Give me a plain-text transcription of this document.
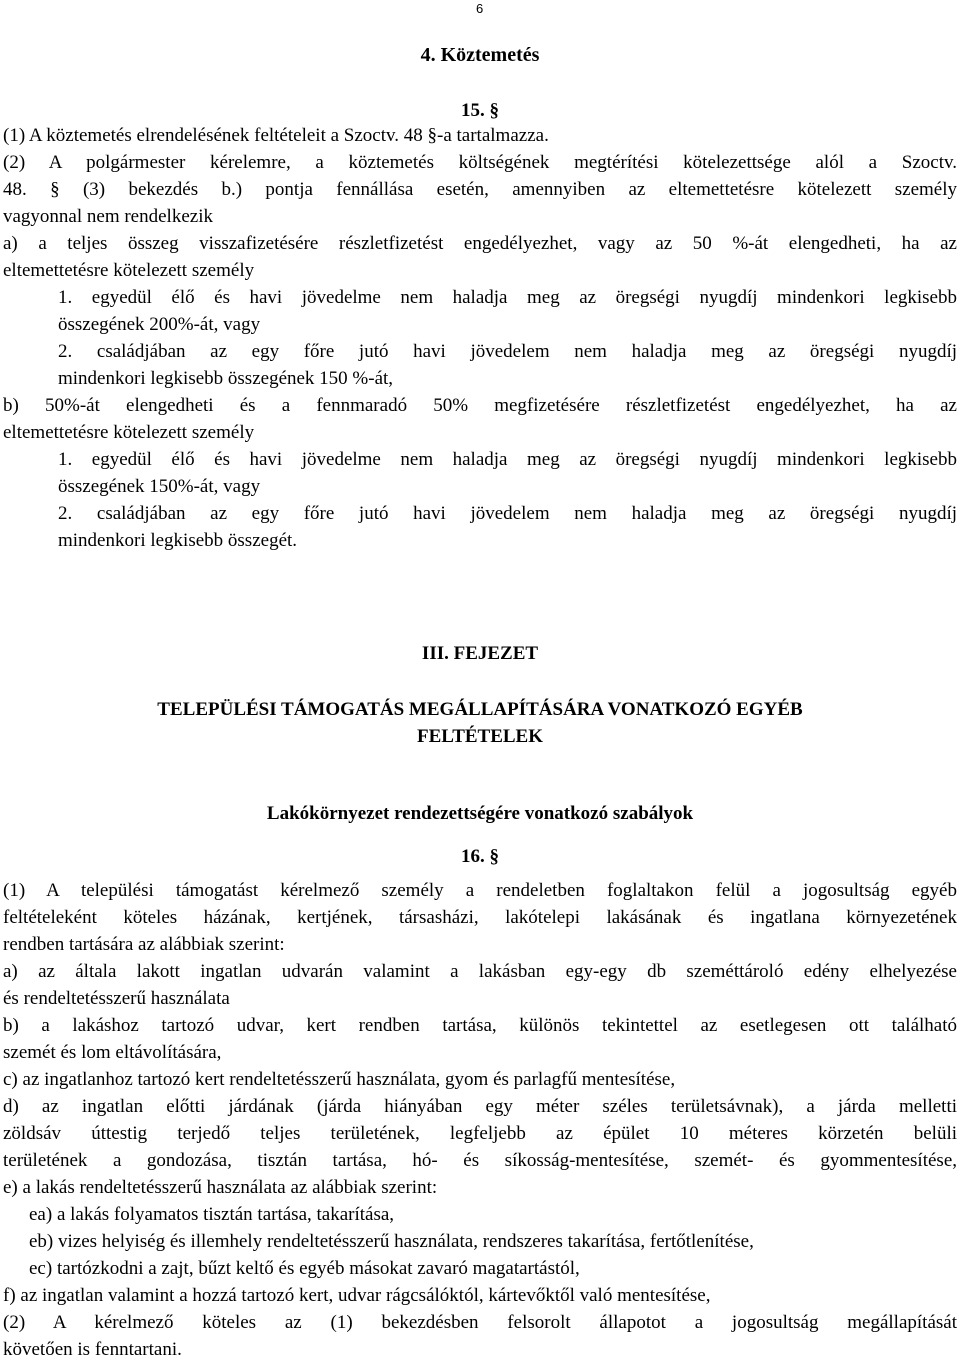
6
4. Köztemetés
15. §
(1) A köztemetés elrendelésének feltételeit a Szoctv. 48 §-a tartalmazza.
(2) A polgármester kérelemre, a köztemetés költségének megtérítési kötelezettsége alól a Szoctv.
48. § (3) bekezdés b.) pontja fennállása esetén, amennyiben az eltemettetésre kötelezett személy
vagyonnal nem rendelkezik
a) a teljes összeg visszafizetésére részletfizetést engedélyezhet, vagy az 50 %-át elengedheti, ha az
eltemettetésre kötelezett személy
1. egyedül élő és havi jövedelme nem haladja meg az öregségi nyugdíj mindenkori legkisebb
összegének 200%-át, vagy
2. családjában az egy főre jutó havi jövedelem nem haladja meg az öregségi nyugdíj
mindenkori legkisebb összegének 150 %-át,
b) 50%-át elengedheti és a fennmaradó 50% megfizetésére részletfizetést engedélyezhet, ha az
eltemettetésre kötelezett személy
1. egyedül élő és havi jövedelme nem haladja meg az öregségi nyugdíj mindenkori legkisebb
összegének 150%-át, vagy
2. családjában az egy főre jutó havi jövedelem nem haladja meg az öregségi nyugdíj
mindenkori legkisebb összegét.
III. FEJEZET
TELEPÜLÉSI TÁMOGATÁS MEGÁLLAPÍTÁSÁRA VONATKOZÓ EGYÉB
FELTÉTELEK
Lakókörnyezet rendezettségére vonatkozó szabályok
16. §
(1) A települési támogatást kérelmező személy a rendeletben foglaltakon felül a jogosultság egyéb
feltételeként köteles házának, kertjének, társasházi, lakótelepi lakásának és ingatlana környezetének
rendben tartására az alábbiak szerint:
a) az általa lakott ingatlan udvarán valamint a lakásban egy-egy db szeméttároló edény elhelyezése
és rendeltetésszerű használata
b) a lakáshoz tartozó udvar, kert rendben tartása, különös tekintettel az esetlegesen ott található
szemét és lom eltávolítására,
c) az ingatlanhoz tartozó kert rendeltetésszerű használata, gyom és parlagfű mentesítése,
d) az ingatlan előtti járdának (járda hiányában egy méter széles területsávnak), a járda melletti
zöldsáv úttestig terjedő teljes területének, legfeljebb az épület 10 méteres körzetén belüli
területének a gondozása, tisztán tartása, hó- és síkosság-mentesítése, szemét- és gyommentesítése,
e) a lakás rendeltetésszerű használata az alábbiak szerint:
ea) a lakás folyamatos tisztán tartása, takarítása,
eb) vizes helyiség és illemhely rendeltetésszerű használata, rendszeres takarítása, fertőtlenítése,
ec) tartózkodni a zajt, bűzt keltő és egyéb másokat zavaró magatartástól,
f) az ingatlan valamint a hozzá tartozó kert, udvar rágcsálóktól, kártevőktől való mentesítése,
(2) A kérelmező köteles az (1) bekezdésben felsorolt állapotot a jogosultság megállapítását
követően is fenntartani.
